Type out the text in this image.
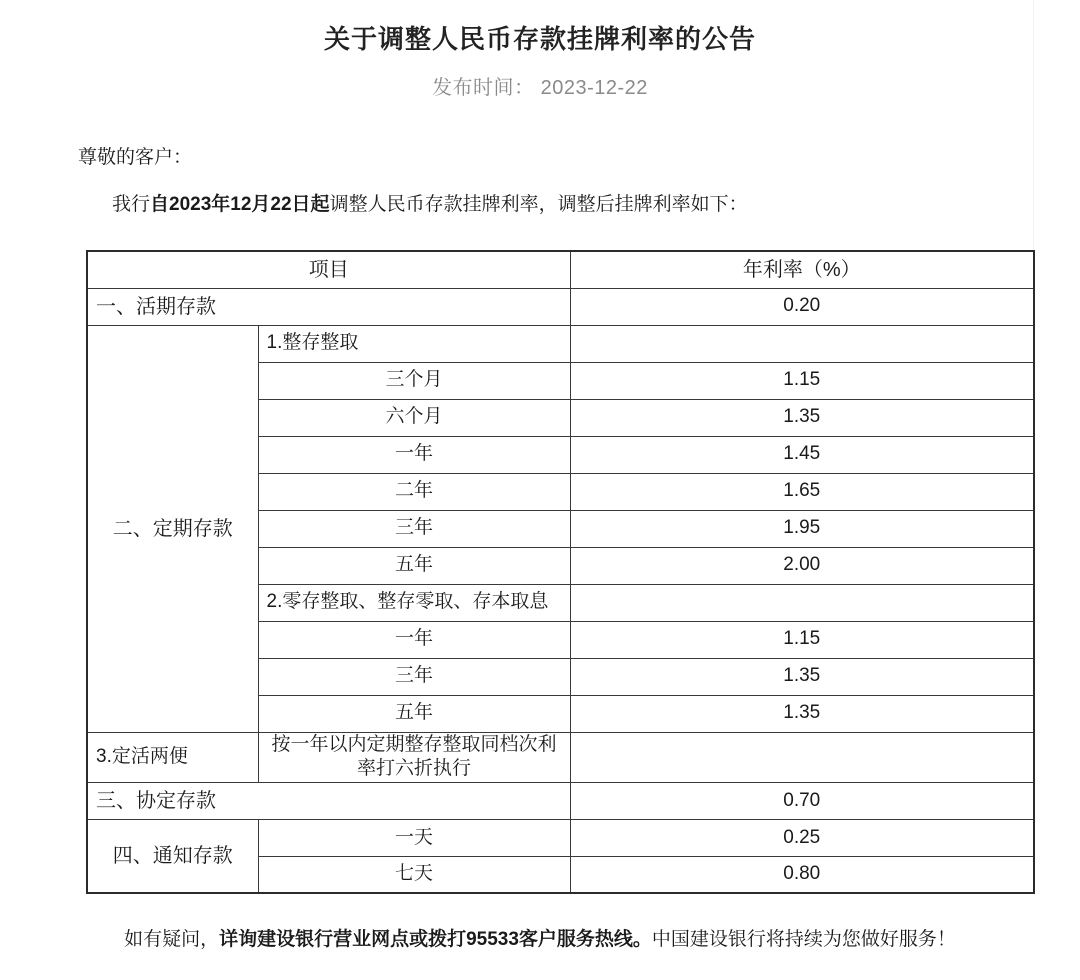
关于调整人民币存款挂牌利率的公告

发布时间： 2023-12-22

尊敬的客户：

我行自2023年12月22日起调整人民币存款挂牌利率，调整后挂牌利率如下：

项目		年利率（%）
一、活期存款		0.20
二、定期存款	1.整存整取	
	三个月	1.15
	六个月	1.35
	一年	1.45
	二年	1.65
	三年	1.95
	五年	2.00
	2.零存整取、整存零取、存本取息	
	一年	1.15
	三年	1.35
	五年	1.35
3.定活两便	按一年以内定期整存整取同档次利率打六折执行	
三、协定存款		0.70
四、通知存款	一天	0.25
	七天	0.80

如有疑问，详询建设银行营业网点或拨打95533客户服务热线。中国建设银行将持续为您做好服务！
